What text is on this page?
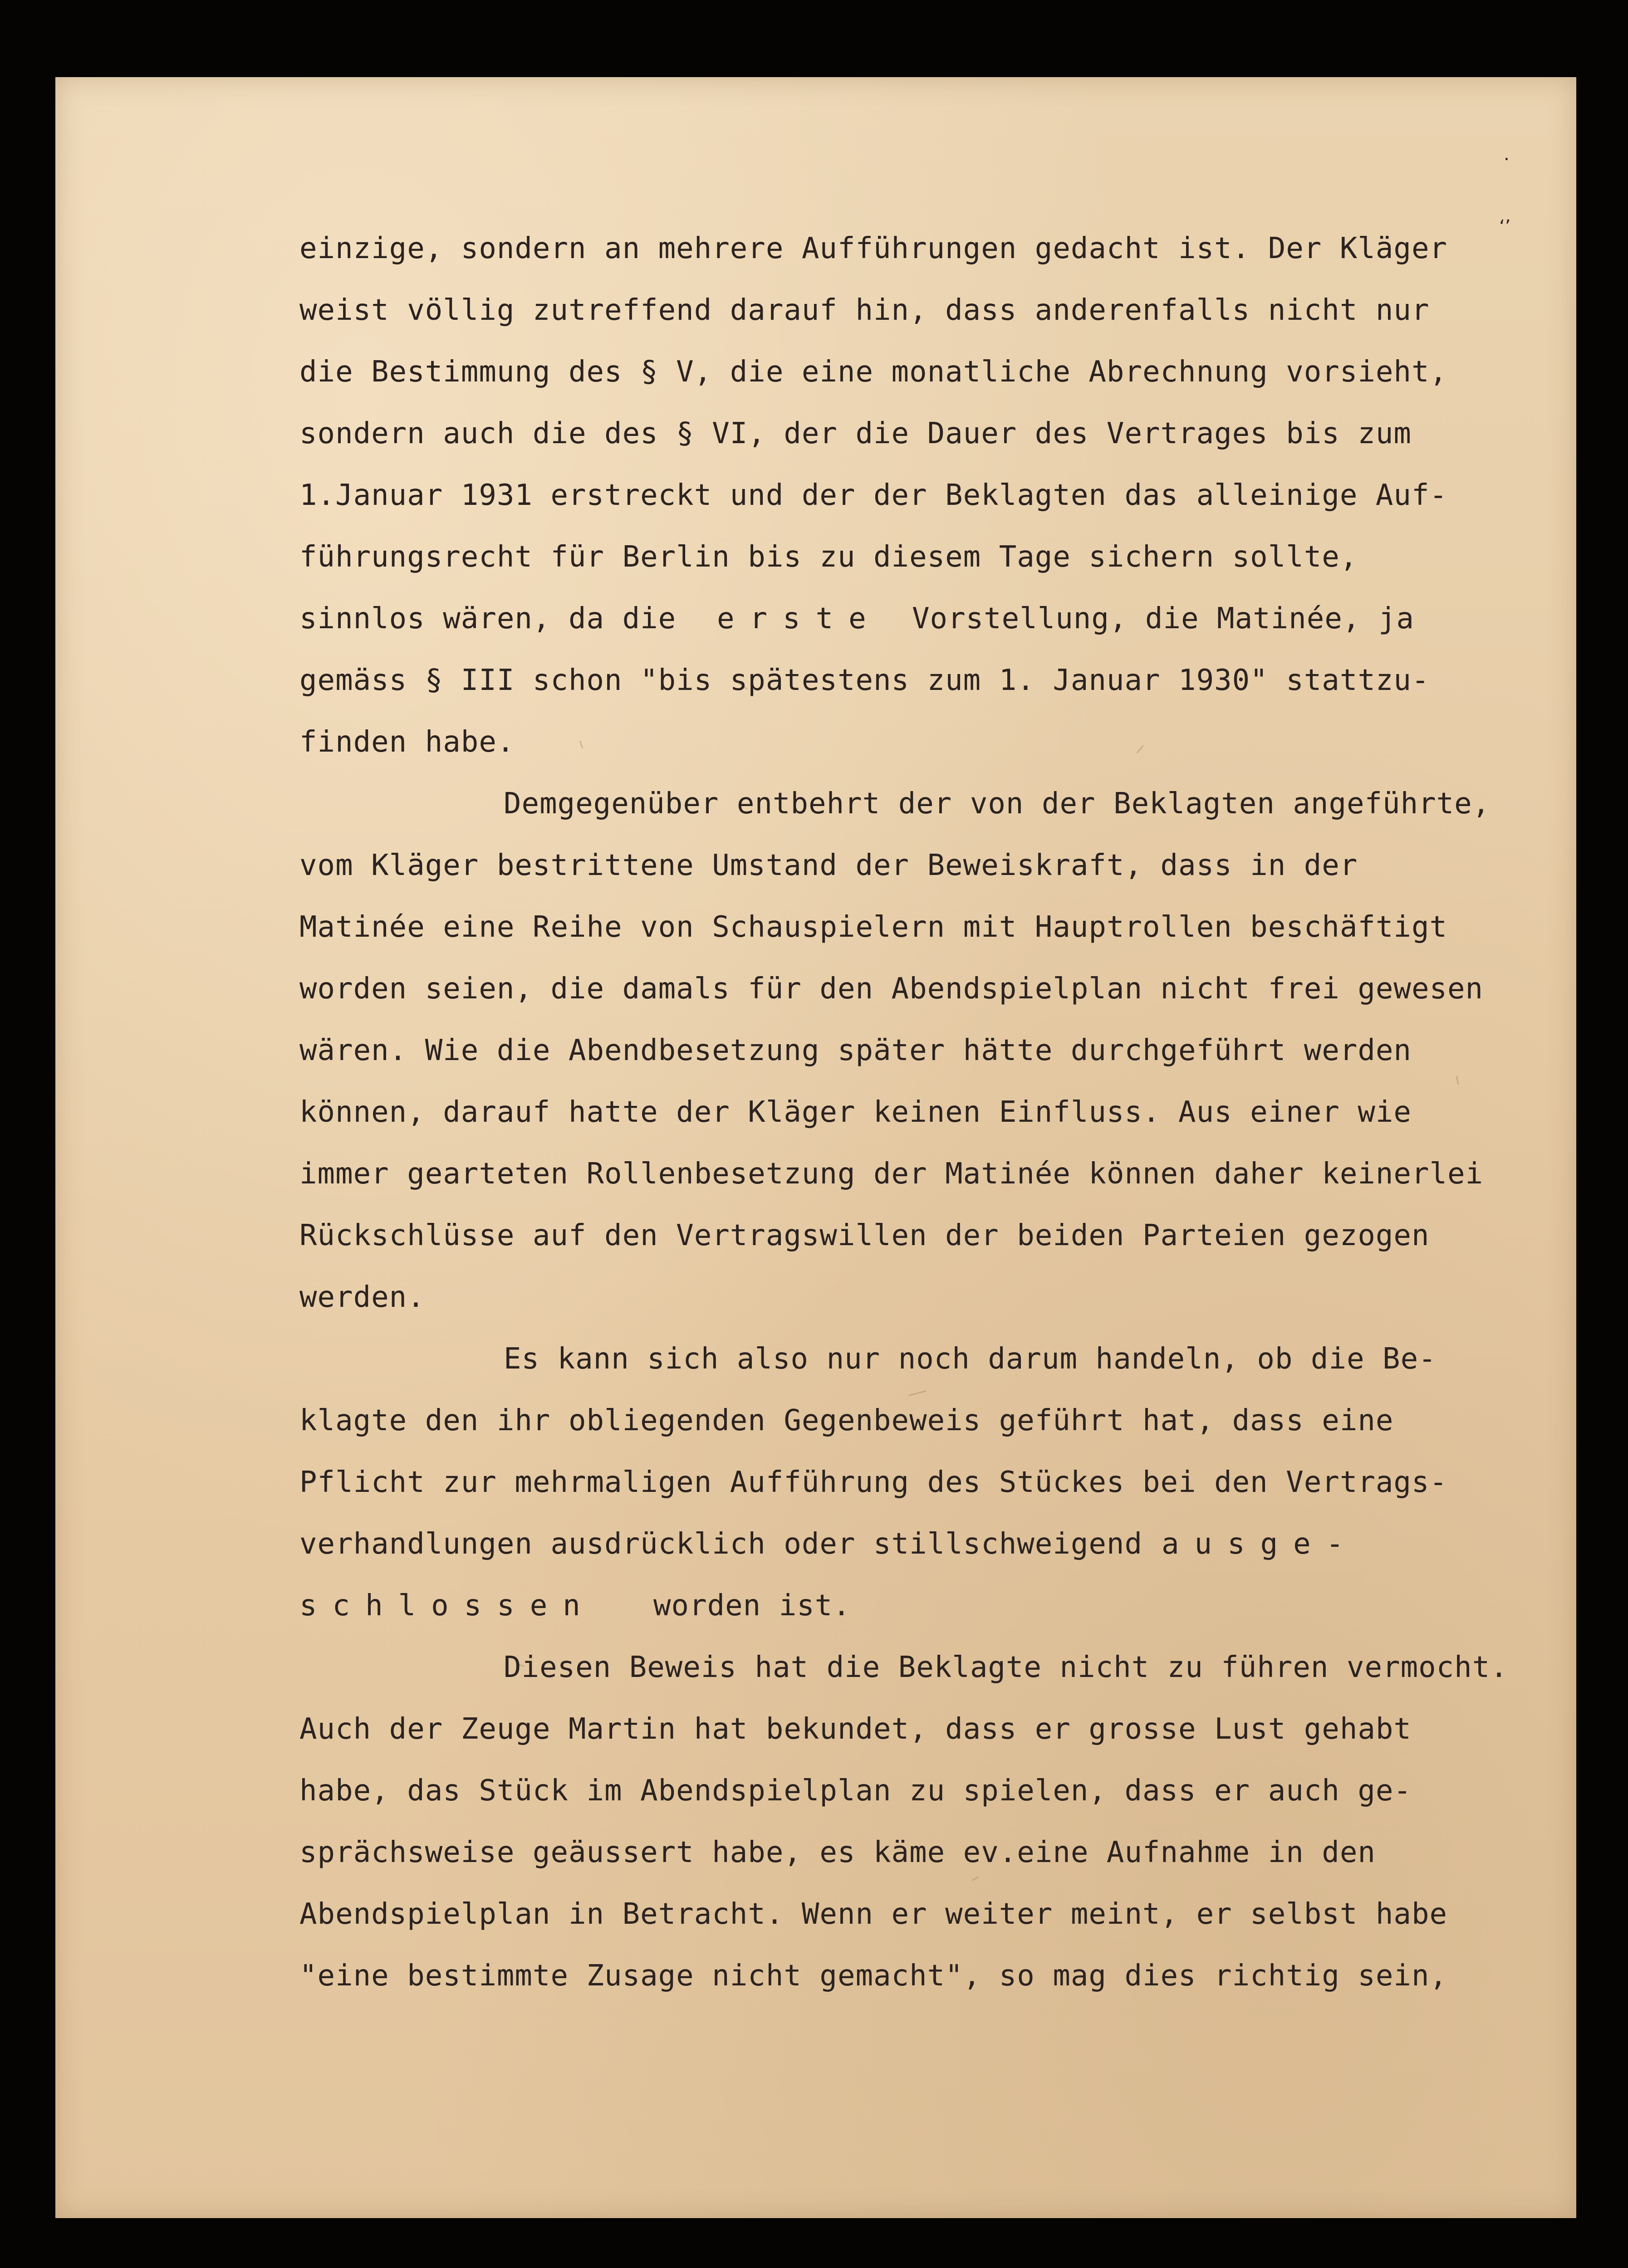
.
‘’
einzige, sondern an mehrere Aufführungen gedacht ist. Der Kläger
weist völlig zutreffend darauf hin, dass anderenfalls nicht nur
die Bestimmung des § V, die eine monatliche Abrechnung vorsieht,
sondern auch die des § VI, der die Dauer des Vertrages bis zum
1.Januar 1931 erstreckt und der der Beklagten das alleinige Auf-
führungsrecht für Berlin bis zu diesem Tage sichern sollte,
sinnlos wären, da die erste Vorstellung, die Matinée, ja
gemäss § III schon "bis spätestens zum 1. Januar 1930" stattzu-
finden habe.
Demgegenüber entbehrt der von der Beklagten angeführte,
vom Kläger bestrittene Umstand der Beweiskraft, dass in der
Matinée eine Reihe von Schauspielern mit Hauptrollen beschäftigt
worden seien, die damals für den Abendspielplan nicht frei gewesen
wären. Wie die Abendbesetzung später hätte durchgeführt werden
können, darauf hatte der Kläger keinen Einfluss. Aus einer wie
immer gearteten Rollenbesetzung der Matinée können daher keinerlei
Rückschlüsse auf den Vertragswillen der beiden Parteien gezogen
werden.
Es kann sich also nur noch darum handeln, ob die Be-
klagte den ihr obliegenden Gegenbeweis geführt hat, dass eine
Pflicht zur mehrmaligen Aufführung des Stückes bei den Vertrags-
verhandlungen ausdrücklich oder stillschweigend ausge-
schlossen worden ist.
Diesen Beweis hat die Beklagte nicht zu führen vermocht.
Auch der Zeuge Martin hat bekundet, dass er grosse Lust gehabt
habe, das Stück im Abendspielplan zu spielen, dass er auch ge-
sprächsweise geäussert habe, es käme ev.eine Aufnahme in den
Abendspielplan in Betracht. Wenn er weiter meint, er selbst habe
"eine bestimmte Zusage nicht gemacht", so mag dies richtig sein,
